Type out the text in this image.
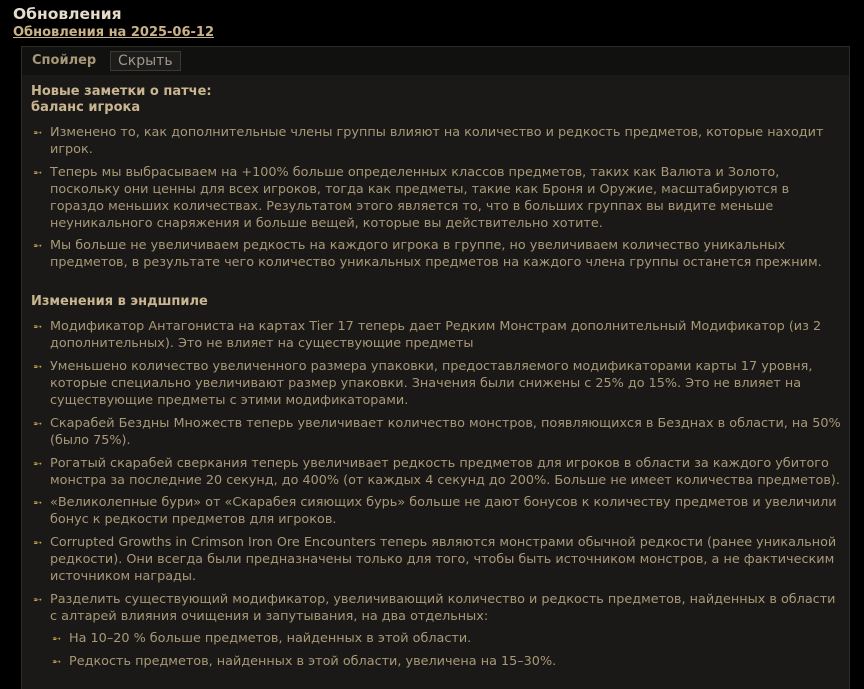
Обновления
Обновления на 2025-06-12
Спойлер	Скрыть

Новые заметки о патче:
баланс игрока

➵ Изменено то, как дополнительные члены группы влияют на количество и редкость предметов, которые находит игрок.
➵ Теперь мы выбрасываем на +100% больше определенных классов предметов, таких как Валюта и Золото, поскольку они ценны для всех игроков, тогда как предметы, такие как Броня и Оружие, масштабируются в гораздо меньших количествах. Результатом этого является то, что в больших группах вы видите меньше неуникального снаряжения и больше вещей, которые вы действительно хотите.
➵ Мы больше не увеличиваем редкость на каждого игрока в группе, но увеличиваем количество уникальных предметов, в результате чего количество уникальных предметов на каждого члена группы останется прежним.

Изменения в эндшпиле

➵ Модификатор Антагониста на картах Tier 17 теперь дает Редким Монстрам дополнительный Модификатор (из 2 дополнительных). Это не влияет на существующие предметы
➵ Уменьшено количество увеличенного размера упаковки, предоставляемого модификаторами карты 17 уровня, которые специально увеличивают размер упаковки. Значения были снижены с 25% до 15%. Это не влияет на существующие предметы с этими модификаторами.
➵ Скарабей Бездны Множеств теперь увеличивает количество монстров, появляющихся в Безднах в области, на 50% (было 75%).
➵ Рогатый скарабей сверкания теперь увеличивает редкость предметов для игроков в области за каждого убитого монстра за последние 20 секунд, до 400% (от каждых 4 секунд до 200%. Больше не имеет количества предметов).
➵ «Великолепные бури» от «Скарабея сияющих бурь» больше не дают бонусов к количеству предметов и увеличили бонус к редкости предметов для игроков.
➵ Corrupted Growths in Crimson Iron Ore Encounters теперь являются монстрами обычной редкости (ранее уникальной редкости). Они всегда были предназначены только для того, чтобы быть источником монстров, а не фактическим источником награды.
➵ Разделить существующий модификатор, увеличивающий количество и редкость предметов, найденных в области с алтарей влияния очищения и запутывания, на два отдельных:
➵ На 10–20 % больше предметов, найденных в этой области.
➵ Редкость предметов, найденных в этой области, увеличена на 15–30%.
